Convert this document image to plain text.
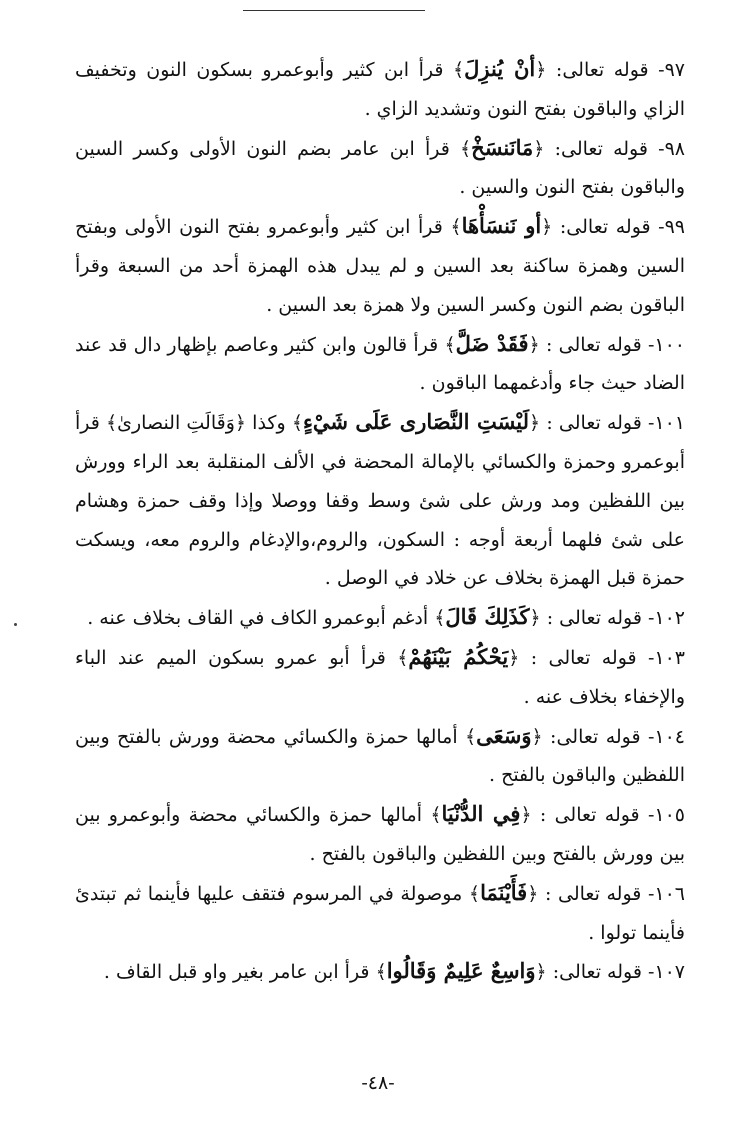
٩٧- قوله تعالى: ﴿أنْ يُنزِلَ﴾ قرأ ابن كثير وأبوعمرو بسكون النون وتخفيف الزاي والباقون بفتح النون وتشديد الزاي .

٩٨- قوله تعالى: ﴿مَانَنسَخْ﴾ قرأ ابن عامر بضم النون الأولى وكسر السين والباقون بفتح النون والسين .

٩٩- قوله تعالى: ﴿أو نَنسَأْهَا﴾ قرأ ابن كثير وأبوعمرو بفتح النون الأولى وبفتح السين وهمزة ساكنة بعد السين و لم يبدل هذه الهمزة أحد من السبعة وقرأ الباقون بضم النون وكسر السين ولا همزة بعد السين .

١٠٠- قوله تعالى : ﴿فَقَدْ ضَلَّ﴾ قرأ قالون وابن كثير وعاصم بإظهار دال قد عند الضاد حيث جاء وأدغمهما الباقون .

١٠١- قوله تعالى : ﴿لَيْسَتِ النَّصَارى عَلَى شَيْءٍ﴾ وكذا ﴿وَقَالَتِ النصارىٰ﴾ قرأ أبوعمرو وحمزة والكسائي بالإمالة المحضة في الألف المنقلبة بعد الراء وورش بين اللفظين ومد ورش على شئ وسط وقفا ووصلا وإذا وقف حمزة وهشام على شئ فلهما أربعة أوجه : السكون، والروم،والإدغام والروم معه، ويسكت حمزة قبل الهمزة بخلاف عن خلاد في الوصل .

١٠٢- قوله تعالى : ﴿كَذَلِكَ قَالَ﴾ أدغم أبوعمرو الكاف في القاف بخلاف عنه .

١٠٣- قوله تعالى : ﴿يَحْكُمُ بَيْنَهُمْ﴾ قرأ أبو عمرو بسكون الميم عند الباء والإخفاء بخلاف عنه .

١٠٤- قوله تعالى: ﴿وَسَعَى﴾ أمالها حمزة والكسائي محضة وورش بالفتح وبين اللفظين والباقون بالفتح .

١٠٥- قوله تعالى : ﴿فِي الدُّنْيَا﴾ أمالها حمزة والكسائي محضة وأبوعمرو بين بين وورش بالفتح وبين اللفظين والباقون بالفتح .

١٠٦- قوله تعالى : ﴿فَأَيْنَمَا﴾ موصولة في المرسوم فتقف عليها فأينما ثم تبتدئ فأينما تولوا .

١٠٧- قوله تعالى: ﴿وَاسِعٌ عَلِيمٌ وَقَالُوا﴾ قرأ ابن عامر بغير واو قبل القاف .

-٤٨-
